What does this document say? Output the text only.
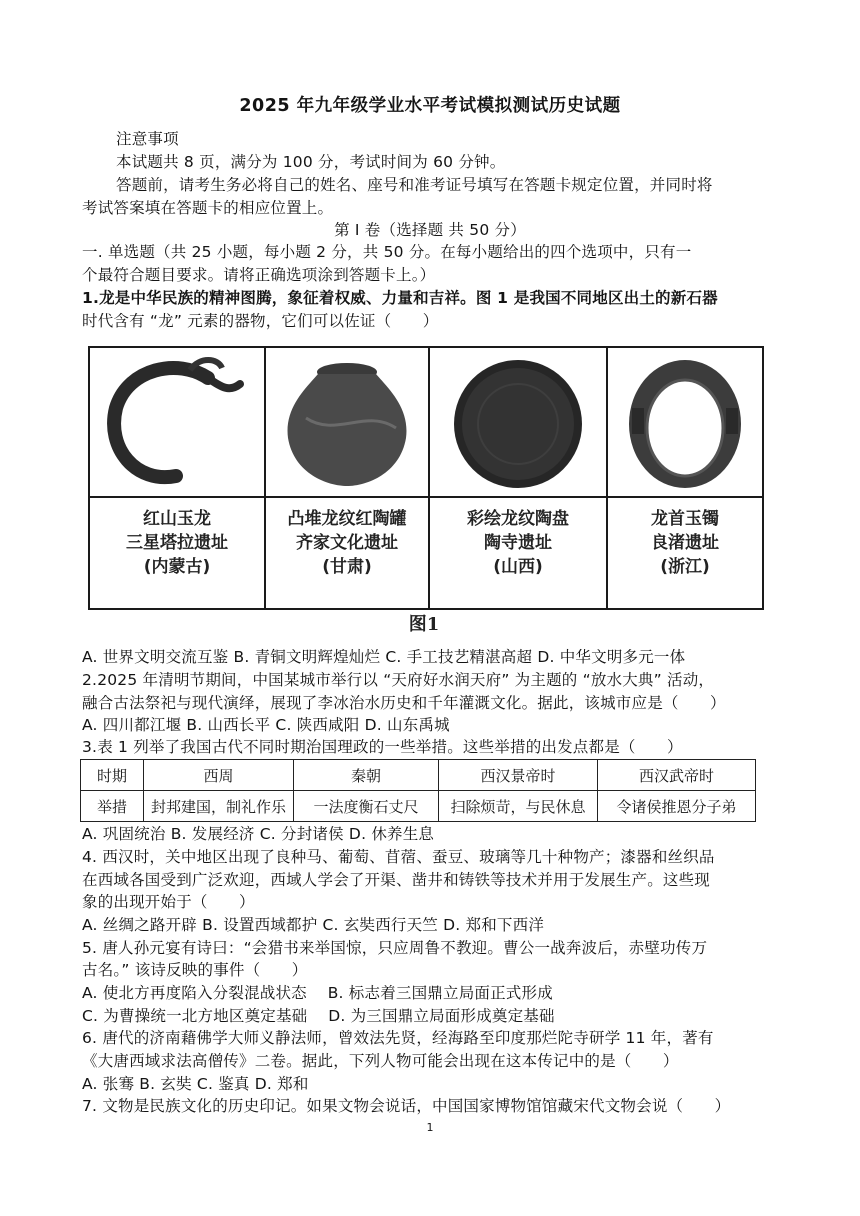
2025 年九年级学业水平考试模拟测试历史试题
注意事项
本试题共 8 页，满分为 100 分，考试时间为 60 分钟。
答题前，请考生务必将自己的姓名、座号和准考证号填写在答题卡规定位置，并同时将
考试答案填在答题卡的相应位置上。
第 Ⅰ 卷（选择题 共 50 分）
一. 单选题（共 25 小题，每小题 2 分，共 50 分。在每小题给出的四个选项中，只有一
个最符合题目要求。请将正确选项涂到答题卡上。）
1.龙是中华民族的精神图腾，象征着权威、力量和吉祥。图 1 是我国不同地区出土的新石器
时代含有 “龙” 元素的器物，它们可以佐证（　　）
红山玉龙
三星塔拉遗址
(内蒙古)
凸堆龙纹红陶罐
齐家文化遗址
(甘肃)
彩绘龙纹陶盘
陶寺遗址
(山西)
龙首玉镯
良渚遗址
(浙江)
图1
A. 世界文明交流互鉴 B. 青铜文明辉煌灿烂 C. 手工技艺精湛高超 D. 中华文明多元一体
2.2025 年清明节期间，中国某城市举行以 “天府好水润天府” 为主题的 “放水大典” 活动，
融合古法祭祀与现代演绎，展现了李冰治水历史和千年灌溉文化。据此，该城市应是（　　）
A. 四川都江堰 B. 山西长平 C. 陕西咸阳 D. 山东禹城
3.表 1 列举了我国古代不同时期治国理政的一些举措。这些举措的出发点都是（　　）
时期	西周	秦朝	西汉景帝时	西汉武帝时
举措	封邦建国，制礼作乐	一法度衡石丈尺	扫除烦苛，与民休息	令诸侯推恩分子弟
A. 巩固统治 B. 发展经济 C. 分封诸侯 D. 休养生息
4. 西汉时，关中地区出现了良种马、葡萄、苜蓿、蚕豆、玻璃等几十种物产；漆器和丝织品
在西域各国受到广泛欢迎，西域人学会了开渠、凿井和铸铁等技术并用于发展生产。这些现
象的出现开始于（　　）
A. 丝绸之路开辟 B. 设置西域都护 C. 玄奘西行天竺 D. 郑和下西洋
5. 唐人孙元宴有诗曰：“会猎书来举国惊，只应周鲁不教迎。曹公一战奔波后，赤壁功传万
古名。” 该诗反映的事件（　　）
A. 使北方再度陷入分裂混战状态　 B. 标志着三国鼎立局面正式形成
C. 为曹操统一北方地区奠定基础　 D. 为三国鼎立局面形成奠定基础
6. 唐代的济南藉佛学大师义静法师，曾效法先贤，经海路至印度那烂陀寺研学 11 年，著有
《大唐西域求法高僧传》二卷。据此，下列人物可能会出现在这本传记中的是（　　）
A. 张骞 B. 玄奘 C. 鉴真 D. 郑和
7. 文物是民族文化的历史印记。如果文物会说话，中国国家博物馆馆藏宋代文物会说（　　）
1
